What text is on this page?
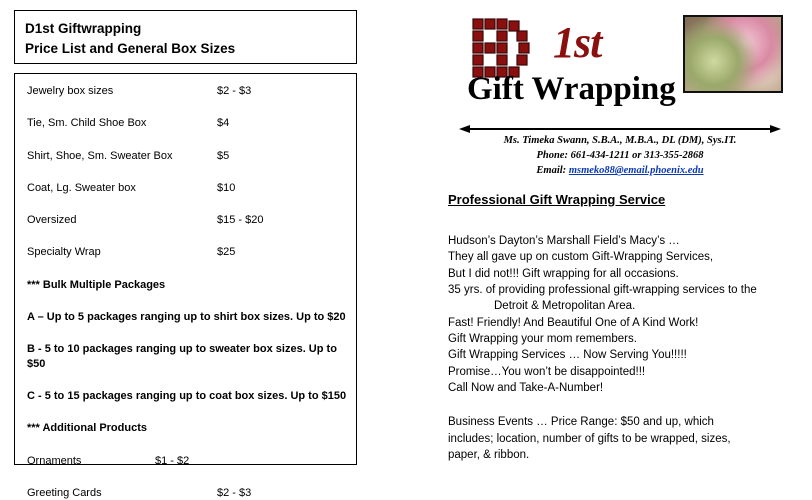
D1st Giftwrapping
Price List and General Box Sizes
Jewelry box sizes	$2 - $3
Tie, Sm. Child Shoe Box	$4
Shirt, Shoe, Sm. Sweater Box	$5
Coat, Lg. Sweater box	$10
Oversized	$15 - $20
Specialty Wrap	$25
*** Bulk Multiple Packages
A – Up to 5 packages ranging up to shirt box sizes. Up to $20
B - 5 to 10 packages ranging up to sweater box sizes. Up to $50
C - 5 to 15 packages ranging up to coat box sizes. Up to $150
*** Additional Products
Ornaments	$1 - $2
Greeting Cards	$2 - $3
1st
Gift Wrapping
Ms. Timeka Swann, S.B.A., M.B.A., DL (DM), Sys.IT.
Phone: 661-434-1211 or 313-355-2868
Email: msmeko88@email.phoenix.edu
Professional Gift Wrapping Service
Hudson’s Dayton’s Marshall Field’s Macy’s …
They all gave up on custom Gift-Wrapping Services,
But I did not!!! Gift wrapping for all occasions.
35 yrs. of providing professional gift-wrapping services to the
Detroit & Metropolitan Area.
Fast! Friendly! And Beautiful One of A Kind Work!
Gift Wrapping your mom remembers.
Gift Wrapping Services … Now Serving You!!!!!
Promise…You won’t be disappointed!!!
Call Now and Take-A-Number!
Business Events … Price Range: $50 and up, which
includes; location, number of gifts to be wrapped, sizes,
paper, & ribbon.
